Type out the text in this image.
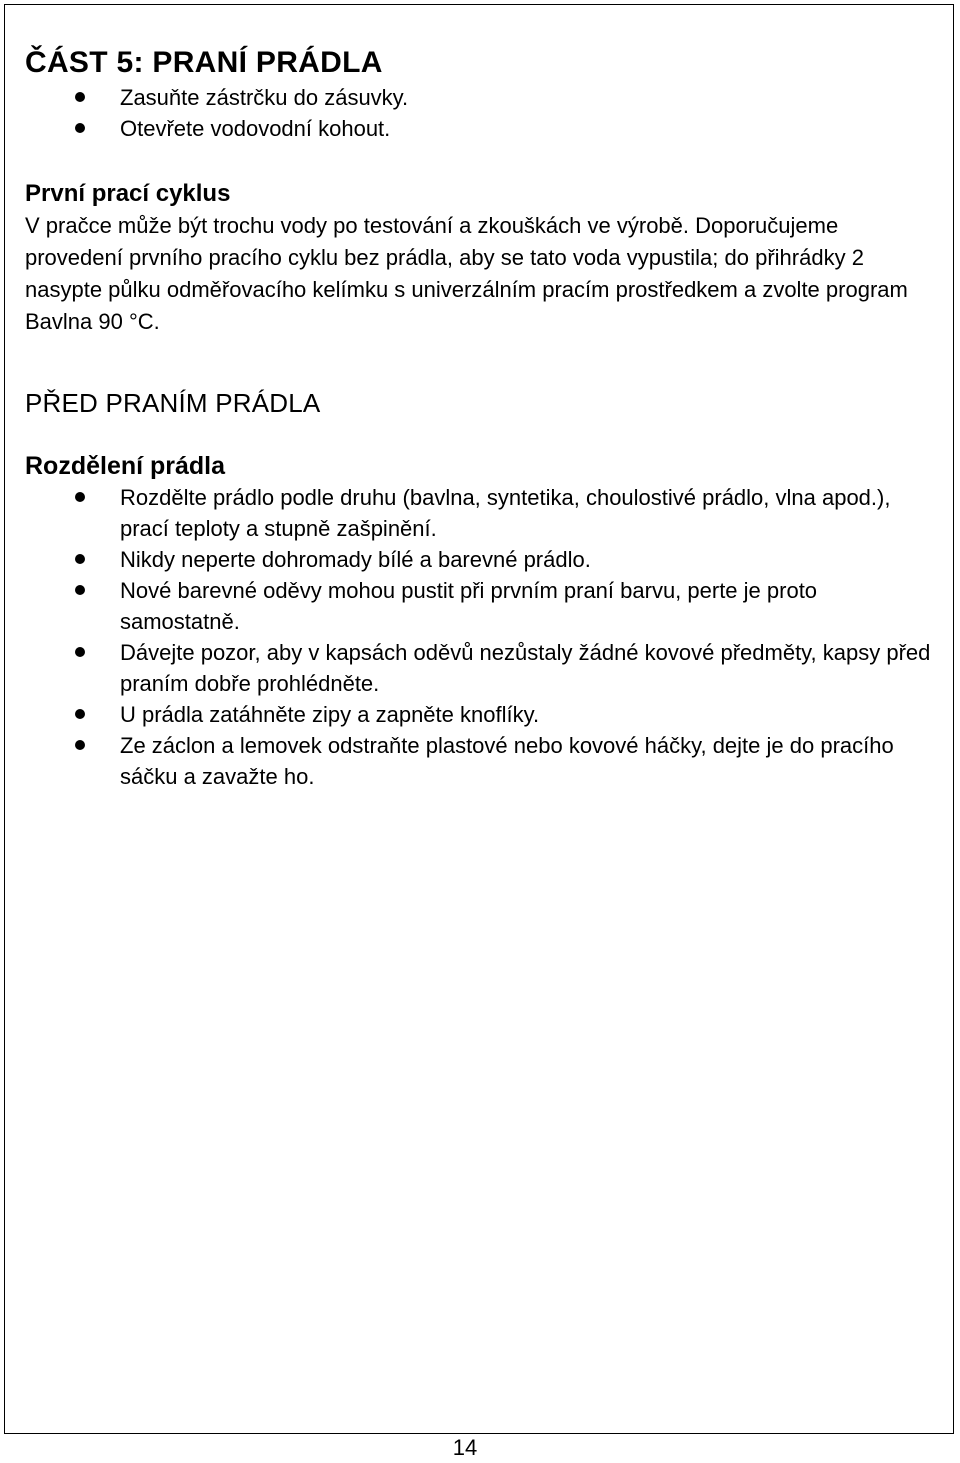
ČÁST 5: PRANÍ PRÁDLA
Zasuňte zástrčku do zásuvky.
Otevřete vodovodní kohout.
První prací cyklus

V pračce může být trochu vody po testování a zkouškách ve výrobě. Doporučujeme provedení prvního pracího cyklu bez prádla, aby se tato voda vypustila; do přihrádky 2 nasypte půlku odměřovacího kelímku s univerzálním pracím prostředkem a zvolte program Bavlna 90 °C.

PŘED PRANÍM PRÁDLA
Rozdělení prádla
Rozdělte prádlo podle druhu (bavlna, syntetika, choulostivé prádlo, vlna apod.), prací teploty a stupně zašpinění.
Nikdy neperte dohromady bílé a barevné prádlo.
Nové barevné oděvy mohou pustit při prvním praní barvu, perte je proto samostatně.
Dávejte pozor, aby v kapsách oděvů nezůstaly žádné kovové předměty, kapsy před praním dobře prohlédněte.
U prádla zatáhněte zipy a zapněte knoflíky.
Ze záclon a lemovek odstraňte plastové nebo kovové háčky, dejte je do pracího sáčku a zavažte ho.
14
